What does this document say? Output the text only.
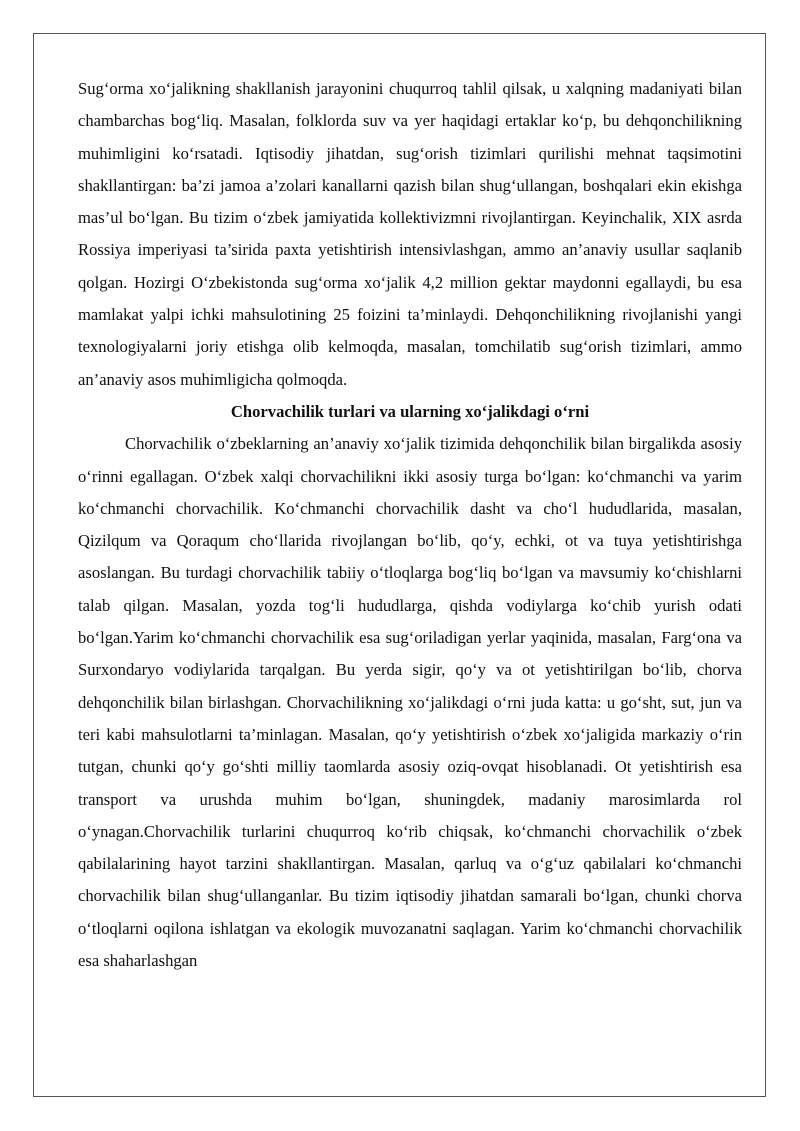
Sug‘orma xo‘jalikning shakllanish jarayonini chuqurroq tahlil qilsak, u xalqning madaniyati bilan chambarchas bog‘liq. Masalan, folklorda suv va yer haqidagi ertaklar ko‘p, bu dehqonchilikning muhimligini ko‘rsatadi. Iqtisodiy jihatdan, sug‘orish tizimlari qurilishi mehnat taqsimotini shakllantirgan: ba’zi jamoa a’zolari kanallarni qazish bilan shug‘ullangan, boshqalari ekin ekishga mas’ul bo‘lgan. Bu tizim o‘zbek jamiyatida kollektivizmni rivojlantirgan. Keyinchalik, XIX asrda Rossiya imperiyasi ta’sirida paxta yetishtirish intensivlashgan, ammo an’anaviy usullar saqlanib qolgan. Hozirgi O‘zbekistonda sug‘orma xo‘jalik 4,2 million gektar maydonni egallaydi, bu esa mamlakat yalpi ichki mahsulotining 25 foizini ta’minlaydi. Dehqonchilikning rivojlanishi yangi texnologiyalarni joriy etishga olib kelmoqda, masalan, tomchilatib sug‘orish tizimlari, ammo an’anaviy asos muhimligicha qolmoqda.

Chorvachilik turlari va ularning xo‘jalikdagi o‘rni

Chorvachilik o‘zbeklarning an’anaviy xo‘jalik tizimida dehqonchilik bilan birgalikda asosiy o‘rinni egallagan. O‘zbek xalqi chorvachilikni ikki asosiy turga bo‘lgan: ko‘chmanchi va yarim ko‘chmanchi chorvachilik. Ko‘chmanchi chorvachilik dasht va cho‘l hududlarida, masalan, Qizilqum va Qoraqum cho‘llarida rivojlangan bo‘lib, qo‘y, echki, ot va tuya yetishtirishga asoslangan. Bu turdagi chorvachilik tabiiy o‘tloqlarga bog‘liq bo‘lgan va mavsumiy ko‘chishlarni talab qilgan. Masalan, yozda tog‘li hududlarga, qishda vodiylarga ko‘chib yurish odati bo‘lgan.Yarim ko‘chmanchi chorvachilik esa sug‘oriladigan yerlar yaqinida, masalan, Farg‘ona va Surxondaryo vodiylarida tarqalgan. Bu yerda sigir, qo‘y va ot yetishtirilgan bo‘lib, chorva dehqonchilik bilan birlashgan. Chorvachilikning xo‘jalikdagi o‘rni juda katta: u go‘sht, sut, jun va teri kabi mahsulotlarni ta’minlagan. Masalan, qo‘y yetishtirish o‘zbek xo‘jaligida markaziy o‘rin tutgan, chunki qo‘y go‘shti milliy taomlarda asosiy oziq-ovqat hisoblanadi. Ot yetishtirish esa transport va urushda muhim bo‘lgan, shuningdek, madaniy marosimlarda rol o‘ynagan.Chorvachilik turlarini chuqurroq ko‘rib chiqsak, ko‘chmanchi chorvachilik o‘zbek qabilalarining hayot tarzini shakllantirgan. Masalan, qarluq va o‘g‘uz qabilalari ko‘chmanchi chorvachilik bilan shug‘ullanganlar. Bu tizim iqtisodiy jihatdan samarali bo‘lgan, chunki chorva o‘tloqlarni oqilona ishlatgan va ekologik muvozanatni saqlagan. Yarim ko‘chmanchi chorvachilik esa shaharlashgan
